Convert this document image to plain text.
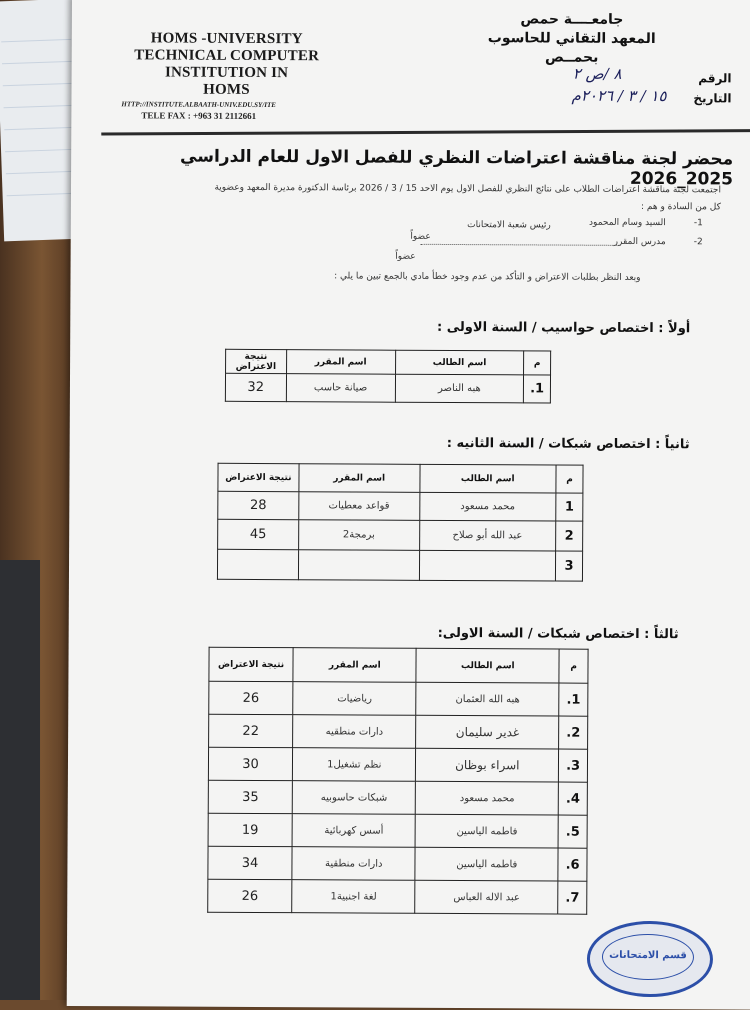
HOMS -UNIVERSITY
TECHNICAL COMPUTER
INSTITUTION IN
HOMS
HTTP://INSTITUTE.ALBAATH-UNIV.EDU.SY/ITE
TELE FAX : +963 31 2112661
جامعــــة حمص
المعهد التقاني للحاسوب
بحمــص
الرقم
٨ /ص ٢
التاريخ
١٥ / ٣ / ٢٠٢٦م
محضر لجنة مناقشة اعتراضات النظري للفصل الاول للعام الدراسي 2025_2026
اجتمعت لجنة مناقشة اعتراضات الطلاب على نتائج النظري للفصل الاول يوم الاحد 15 / 3 / 2026 برئاسة الدكتورة مديرة المعهد وعضوية
كل من السادة و هم :
1-
السيد وسام المحمود
رئيس شعبة الامتحانات
عضواً
2-
مدرس المقرر
عضواً
وبعد النظر بطلبات الاعتراض و التأكد من عدم وجود خطأ مادي بالجمع تبين ما يلي :
أولاً : اختصاص حواسيب / السنة الاولى :
م	اسم الطالب	اسم المقرر	نتيجة الاعتراض
1.	هبه الناصر	صيانة حاسب	32
ثانياً : اختصاص شبكات / السنة الثانيه :
م	اسم الطالب	اسم المقرر	نتيجة الاعتراض
1	محمد مسعود	قواعد معطيات	28
2	عبد الله أبو صلاح	برمجة2	45
3			
ثالثاً : اختصاص شبكات / السنة الاولى:
م	اسم الطالب	اسم المقرر	نتيجة الاعتراض
1.	هبه الله العثمان	رياضيات	26
2.	غدير سليمان	دارات منطقيه	22
3.	اسراء بوظان	نظم تشغيل1	30
4.	محمد مسعود	شبكات حاسوبيه	35
5.	فاطمه الياسين	أسس كهربائية	19
6.	فاطمه الياسين	دارات منطقية	34
7.	عبد الاله العباس	لغة اجنبية1	26
قسم الامتحانات
